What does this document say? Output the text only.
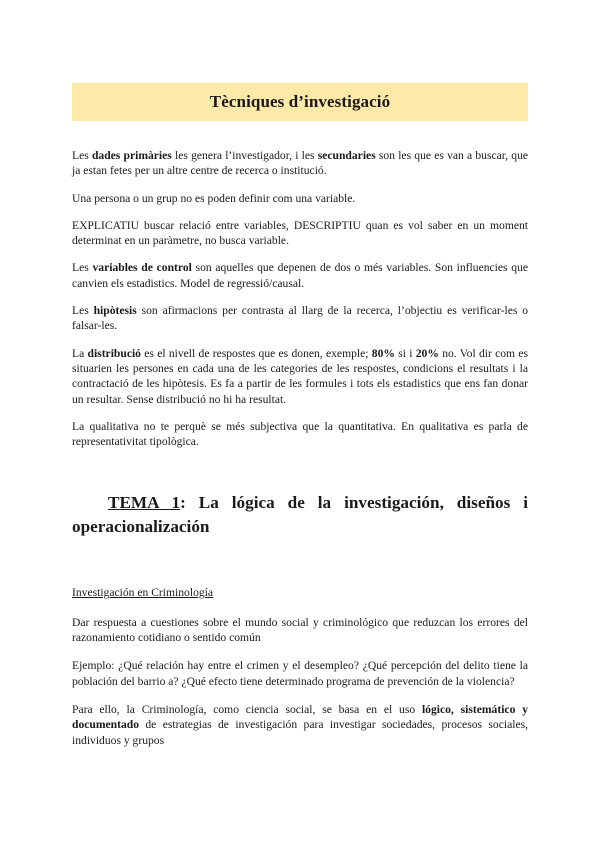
Tècniques d’investigació

Les dades primàries les genera l’investigador, i les secundaries son les que es van a buscar, que ja estan fetes per un altre centre de recerca o institució.

Una persona o un grup no es poden definir com una variable.

EXPLICATIU buscar relació entre variables, DESCRIPTIU quan es vol saber en un moment determinat en un paràmetre, no busca variable.

Les variables de control son aquelles que depenen de dos o més variables. Son influencies que canvien els estadistics. Model de regressió/causal.

Les hipòtesis son afirmacions per contrasta al llarg de la recerca, l’objectiu es verificar-les o falsar-les.

La distribució es el nivell de respostes que es donen, exemple; 80% si i 20% no. Vol dir com es situarien les persones en cada una de les categories de les respostes, condicions el resultats i la contractació de les hipòtesis. Es fa a partir de les formules i tots els estadistics que ens fan donar un resultar. Sense distribució no hi ha resultat.

La qualitativa no te perquè se més subjectiva que la quantitativa. En qualitativa es parla de representativitat tipològica.

TEMA 1: La lógica de la investigación, diseños i operacionalización
Investigación en Criminología

Dar respuesta a cuestiones sobre el mundo social y criminológico que reduzcan los errores del razonamiento cotidiano o sentido común

Ejemplo: ¿Qué relación hay entre el crimen y el desempleo? ¿Qué percepción del delito tiene la población del barrio a? ¿Qué efecto tiene determinado programa de prevención de la violencia?

Para ello, la Criminología, como ciencia social, se basa en el uso lógico, sistemático y documentado de estrategias de investigación para investigar sociedades, procesos sociales, individuos y grupos
